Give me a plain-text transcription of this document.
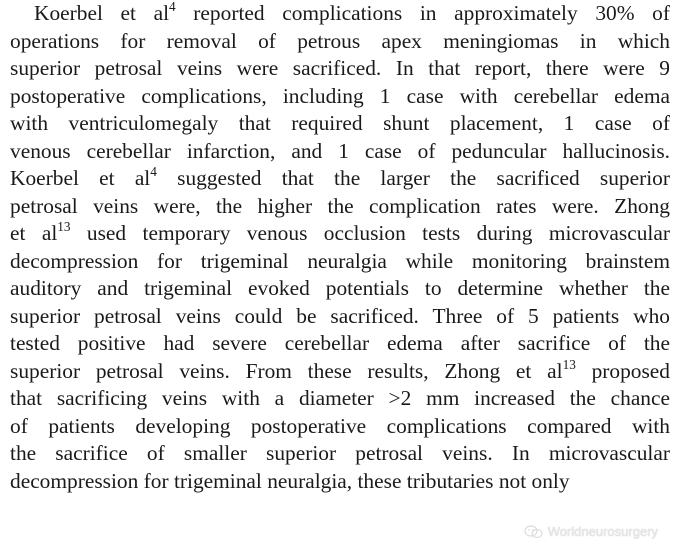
Koerbel et $al^4$ reported complications in approximately 30% of
operations for removal of petrous apex meningiomas in which
superior petrosal veins were sacrificed. In that report, there were 9
postoperative complications, including 1 case with cerebellar edema
with ventriculomegaly that required shunt placement, 1 case of
venous cerebellar infarction, and 1 case of peduncular hallucinosis.
Koerbel et $al^4$ suggested that the larger the sacrificed superior
petrosal veins were, the higher the complication rates were. Zhong
et $al^{13}$ used temporary venous occlusion tests during microvascular
decompression for trigeminal neuralgia while monitoring brainstem
auditory and trigeminal evoked potentials to determine whether the
superior petrosal veins could be sacrificed. Three of 5 patients who
tested positive had severe cerebellar edema after sacrifice of the
superior petrosal veins. From these results, Zhong et $al^{13}$ proposed
that sacrificing veins with a diameter >2 mm increased the chance
of patients developing postoperative complications compared with
the sacrifice of smaller superior petrosal veins. In microvascular
decompression for trigeminal neuralgia, these tributaries not only
Worldneurosurgery
